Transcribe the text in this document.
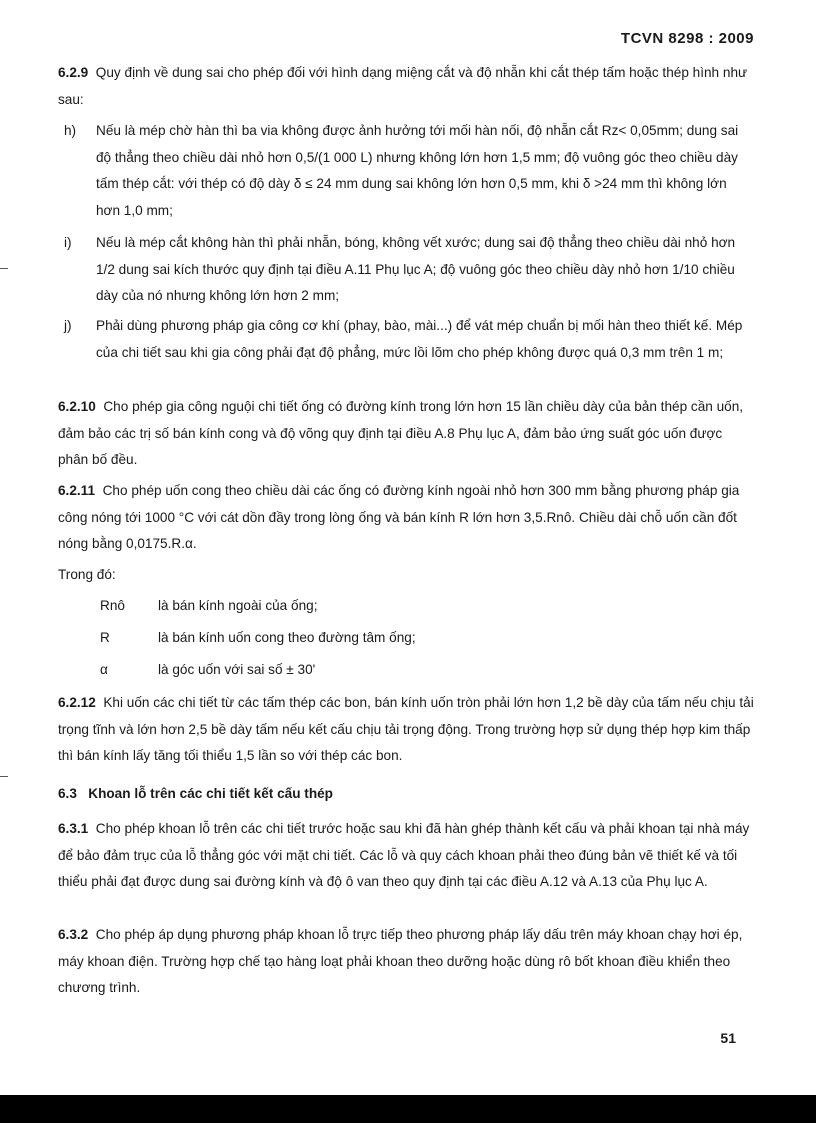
TCVN 8298 : 2009
6.2.9 Quy định về dung sai cho phép đối với hình dạng miệng cắt và độ nhẵn khi cắt thép tấm hoặc thép hình như sau:
h) Nếu là mép chờ hàn thì ba via không được ảnh hưởng tới mối hàn nối, độ nhẵn cắt Rz< 0,05mm; dung sai độ thẳng theo chiều dài nhỏ hơn 0,5/(1 000 L) nhưng không lớn hơn 1,5 mm; độ vuông góc theo chiều dày tấm thép cắt: với thép có độ dày δ ≤ 24 mm dung sai không lớn hơn 0,5 mm, khi δ >24 mm thì không lớn hơn 1,0 mm;
i) Nếu là mép cắt không hàn thì phải nhẵn, bóng, không vết xước; dung sai độ thẳng theo chiều dài nhỏ hơn 1/2 dung sai kích thước quy định tại điều A.11 Phụ lục A; độ vuông góc theo chiều dày nhỏ hơn 1/10 chiều dày của nó nhưng không lớn hơn 2 mm;
j) Phải dùng phương pháp gia công cơ khí (phay, bào, mài...) để vát mép chuẩn bị mối hàn theo thiết kế. Mép của chi tiết sau khi gia công phải đạt độ phẳng, mức lồi lõm cho phép không được quá 0,3 mm trên 1 m;
6.2.10 Cho phép gia công nguội chi tiết ống có đường kính trong lớn hơn 15 lần chiều dày của bản thép cần uốn, đảm bảo các trị số bán kính cong và độ võng quy định tại điều A.8 Phụ lục A, đảm bảo ứng suất góc uốn được phân bố đều.
6.2.11 Cho phép uốn cong theo chiều dài các ống có đường kính ngoài nhỏ hơn 300 mm bằng phương pháp gia công nóng tới 1000 °C với cát dồn đầy trong lòng ống và bán kính R lớn hơn 3,5.Rnô. Chiều dài chỗ uốn cần đốt nóng bằng 0,0175.R.α.
Trong đó:
Rnô là bán kính ngoài của ống;
R	là bán kính uốn cong theo đường tâm ống;
α	là góc uốn với sai số ± 30'
6.2.12 Khi uốn các chi tiết từ các tấm thép các bon, bán kính uốn tròn phải lớn hơn 1,2 bề dày của tấm nếu chịu tải trọng tĩnh và lớn hơn 2,5 bề dày tấm nếu kết cấu chịu tải trọng động. Trong trường hợp sử dụng thép hợp kim thấp thì bán kính lấy tăng tối thiểu 1,5 lần so với thép các bon.
6.3 Khoan lỗ trên các chi tiết kết cấu thép
6.3.1 Cho phép khoan lỗ trên các chi tiết trước hoặc sau khi đã hàn ghép thành kết cấu và phải khoan tại nhà máy để bảo đảm trục của lỗ thẳng góc với mặt chi tiết. Các lỗ và quy cách khoan phải theo đúng bản vẽ thiết kế và tối thiểu phải đạt được dung sai đường kính và độ ô van theo quy định tại các điều A.12 và A.13 của Phụ lục A.
6.3.2 Cho phép áp dụng phương pháp khoan lỗ trực tiếp theo phương pháp lấy dấu trên máy khoan chạy hơi ép, máy khoan điện. Trường hợp chế tạo hàng loạt phải khoan theo dưỡng hoặc dùng rô bốt khoan điều khiển theo chương trình.
51
